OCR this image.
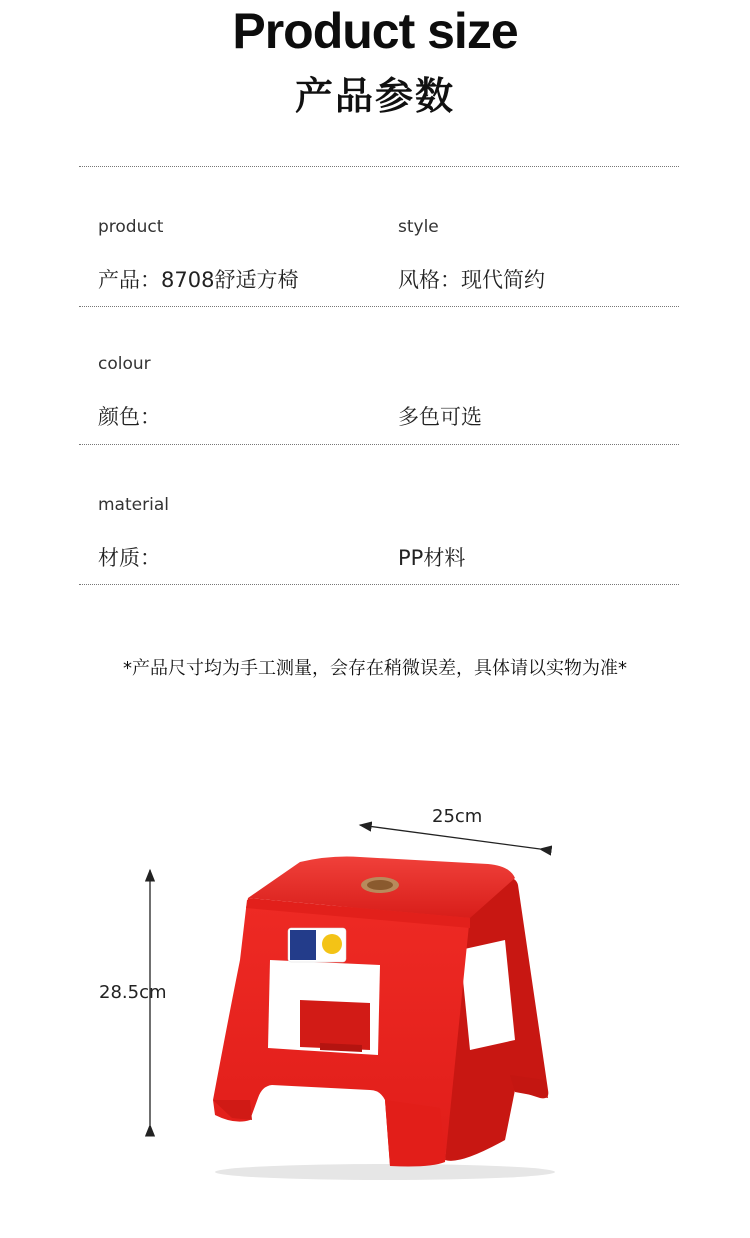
Product size
产品参数
product	style
产品：8708舒适方椅	风格：现代简约
colour
颜色：	多色可选
material
材质：	PP材料
*产品尺寸均为手工测量，会存在稍微误差，具体请以实物为准*
25cm
28.5cm
